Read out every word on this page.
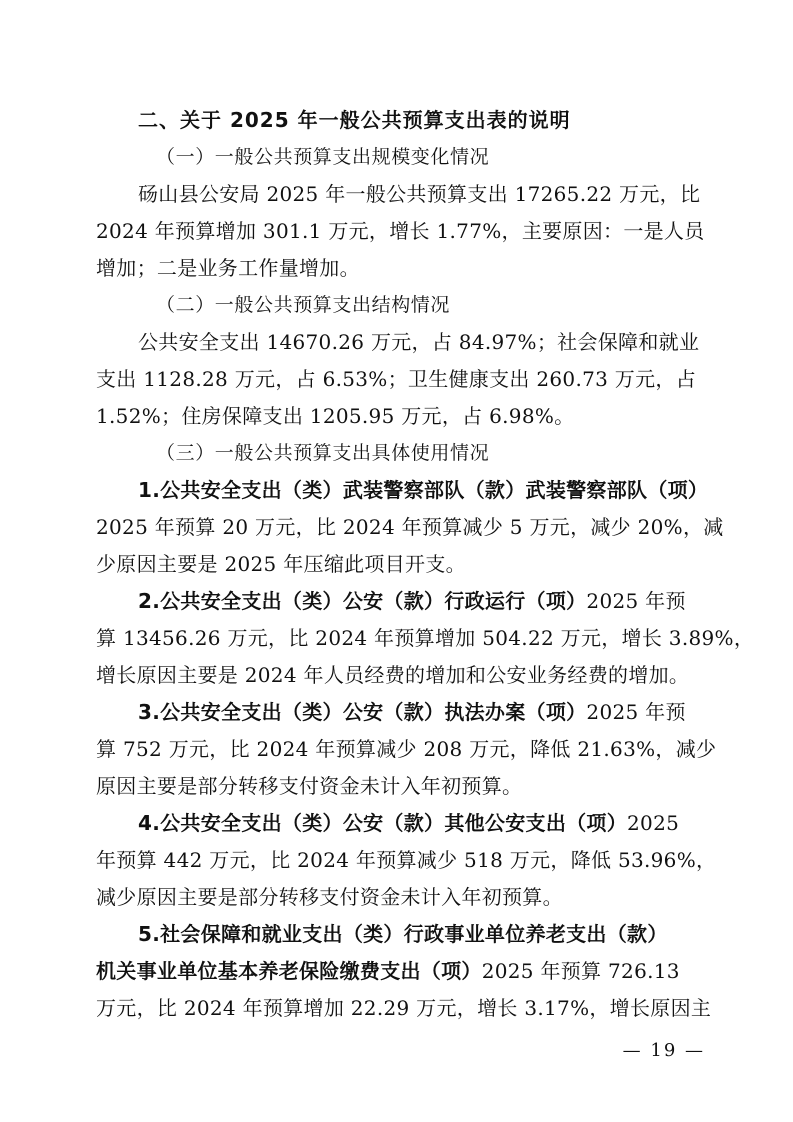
二、关于 2025 年一般公共预算支出表的说明
（一）一般公共预算支出规模变化情况
砀山县公安局 2025 年一般公共预算支出 17265.22 万元，比
2024 年预算增加 301.1 万元，增长 1.77%，主要原因：一是人员
增加；二是业务工作量增加。
（二）一般公共预算支出结构情况
公共安全支出 14670.26 万元，占 84.97%；社会保障和就业
支出 1128.28 万元，占 6.53%；卫生健康支出 260.73 万元，占
1.52%；住房保障支出 1205.95 万元，占 6.98%。
（三）一般公共预算支出具体使用情况
1.公共安全支出（类）武装警察部队（款）武装警察部队（项）
2025 年预算 20 万元，比 2024 年预算减少 5 万元，减少 20%，减
少原因主要是 2025 年压缩此项目开支。
2.公共安全支出（类）公安（款）行政运行（项）2025 年预
算 13456.26 万元，比 2024 年预算增加 504.22 万元，增长 3.89%，
增长原因主要是 2024 年人员经费的增加和公安业务经费的增加。
3.公共安全支出（类）公安（款）执法办案（项）2025 年预
算 752 万元，比 2024 年预算减少 208 万元，降低 21.63%，减少
原因主要是部分转移支付资金未计入年初预算。
4.公共安全支出（类）公安（款）其他公安支出（项）2025
年预算 442 万元，比 2024 年预算减少 518 万元，降低 53.96%，
减少原因主要是部分转移支付资金未计入年初预算。
5.社会保障和就业支出（类）行政事业单位养老支出（款）
机关事业单位基本养老保险缴费支出（项）2025 年预算 726.13
万元，比 2024 年预算增加 22.29 万元，增长 3.17%，增长原因主
— 19 —
